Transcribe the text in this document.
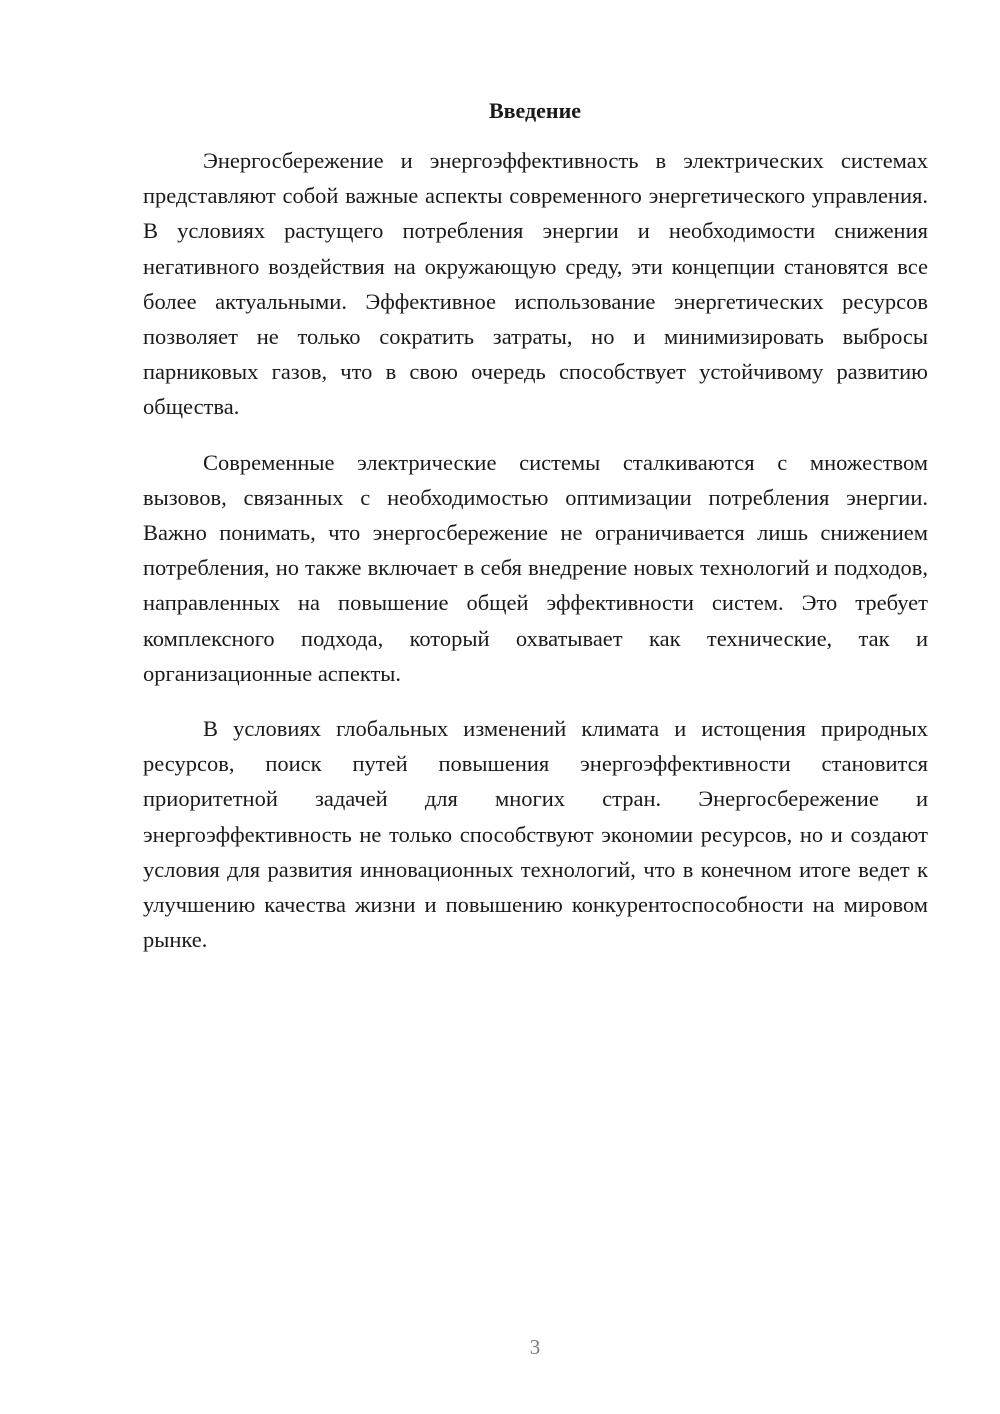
Введение

Энергосбережение и энергоэффективность в электрических системах представляют собой важные аспекты современного энергетического управления. В условиях растущего потребления энергии и необходимости снижения негативного воздействия на окружающую среду, эти концепции становятся все более актуальными. Эффективное использование энергетических ресурсов позволяет не только сократить затраты, но и минимизировать выбросы парниковых газов, что в свою очередь способствует устойчивому развитию общества.

Современные электрические системы сталкиваются с множеством вызовов, связанных с необходимостью оптимизации потребления энергии. Важно понимать, что энергосбережение не ограничивается лишь снижением потребления, но также включает в себя внедрение новых технологий и подходов, направленных на повышение общей эффективности систем. Это требует комплексного подхода, который охватывает как технические, так и организационные аспекты.

В условиях глобальных изменений климата и истощения природных ресурсов, поиск путей повышения энергоэффективности становится приоритетной задачей для многих стран. Энергосбережение и энергоэффективность не только способствуют экономии ресурсов, но и создают условия для развития инновационных технологий, что в конечном итоге ведет к улучшению качества жизни и повышению конкурентоспособности на мировом рынке.

3
